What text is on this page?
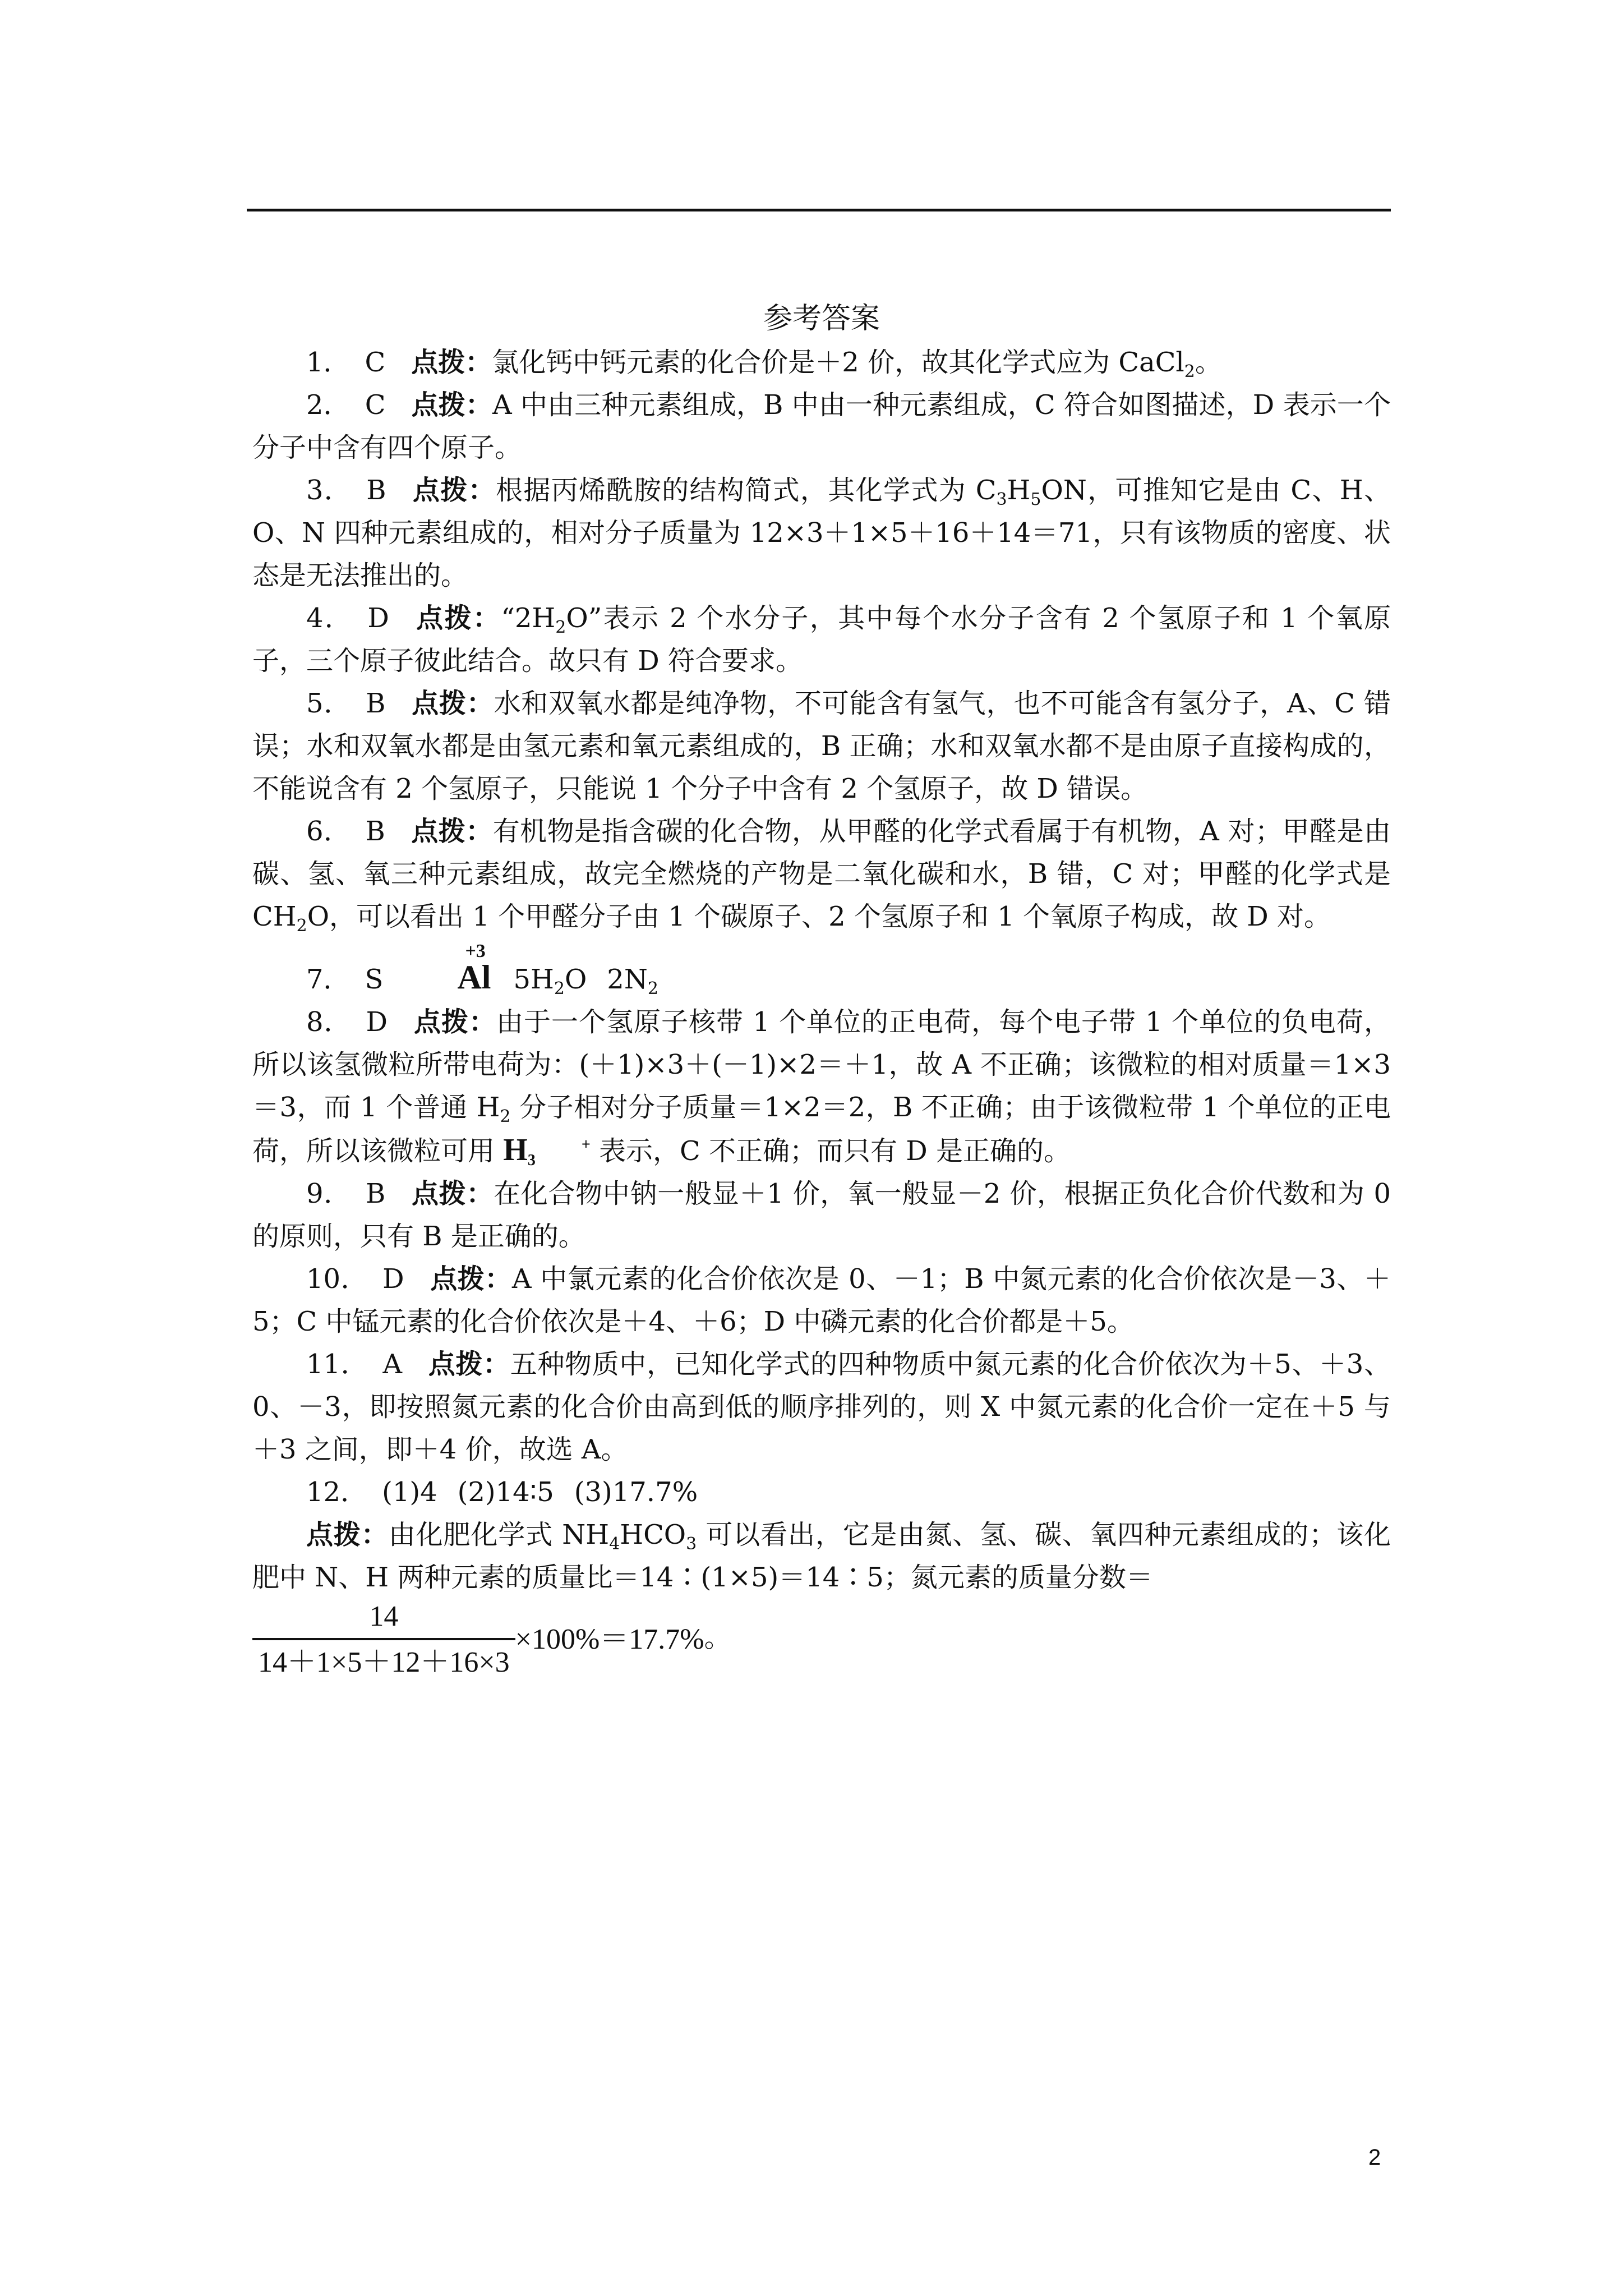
参考答案

1． C 点拨：氯化钙中钙元素的化合价是＋2 价，故其化学式应为 CaCl$_2$。

2． C 点拨：A 中由三种元素组成，B 中由一种元素组成，C 符合如图描述，D 表示一个分子中含有四个原子。

3． B 点拨：根据丙烯酰胺的结构简式，其化学式为 $C_3H_5ON$，可推知它是由 C、H、O、N 四种元素组成的，相对分子质量为 12×3＋1×5＋16＋14＝71，只有该物质的密度、状态是无法推出的。

4． D 点拨：“$2H_2O$”表示 2 个水分子，其中每个水分子含有 2 个氢原子和 1 个氧原子，三个原子彼此结合。故只有 D 符合要求。

5． B 点拨：水和双氧水都是纯净物，不可能含有氢气，也不可能含有氢分子，A、C 错误；水和双氧水都是由氢元素和氧元素组成的，B 正确；水和双氧水都不是由原子直接构成的，不能说含有 2 个氢原子，只能说 1 个分子中含有 2 个氢原子，故 D 错误。

6． B 点拨：有机物是指含碳的化合物，从甲醛的化学式看属于有机物，A 对；甲醛是由碳、氢、氧三种元素组成，故完全燃烧的产物是二氧化碳和水，B 错，C 对；甲醛的化学式是 $CH_2O$，可以看出 1 个甲醛分子由 1 个碳原子、2 个氢原子和 1 个氧原子构成，故 D 对。

7． S
+3
Al $5H_2O$ $2N_2$

8． D 点拨：由于一个氢原子核带 1 个单位的正电荷，每个电子带 1 个单位的负电荷，所以该氢微粒所带电荷为：(＋1)×3＋(－1)×2＝＋1，故 A 不正确；该微粒的相对质量＝1×3＝3，而 1 个普通 $H_2$ 分子相对分子质量＝1×2＝2，B 不正确；由于该微粒带 1 个单位的正电荷，所以该微粒可用 H	+
3 表示，C 不正确；而只有 D 是正确的。

9． B 点拨：在化合物中钠一般显＋1 价，氧一般显－2 价，根据正负化合价代数和为 0 的原则，只有 B 是正确的。

10． D 点拨：A 中氯元素的化合价依次是 0、－1；B 中氮元素的化合价依次是－3、＋5；C 中锰元素的化合价依次是＋4、＋6；D 中磷元素的化合价都是＋5。

11． A 点拨：五种物质中，已知化学式的四种物质中氮元素的化合价依次为＋5、＋3、0、－3，即按照氮元素的化合价由高到低的顺序排列的，则 X 中氮元素的化合价一定在＋5 与＋3 之间，即＋4 价，故选 A。

12． (1)4 (2)14∶5 (3)17.7%

点拨：由化肥化学式 $NH_4HCO_3$ 可以看出，它是由氮、氢、碳、氧四种元素组成的；该化肥中 N、H 两种元素的质量比＝14∶(1×5)＝14∶5；氮元素的质量分数＝

$\frac{14}{14+1\times 5+12+16\times 3} \times 100\%=17.7\%$。
2
